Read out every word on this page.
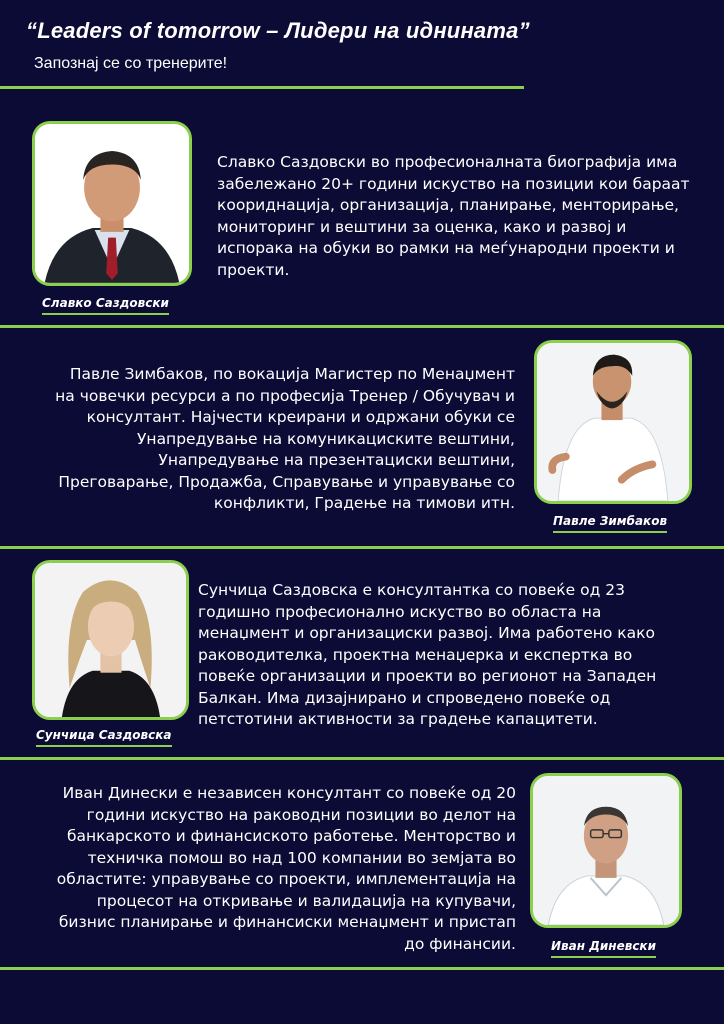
“Leaders of tomorrow – Лидери на иднината”
Запознај се со тренерите!
Славко Саздовски во професионалната биографија има
забележано 20+ години искуство на позиции кои бараат
коориднација, организација, планирање, менторирање,
мониторинг и вештини за оценка, како и развој и
испорака на обуки во рамки на меѓународни проекти и
проекти.
Славко Саздовски
Павле Зимбаков, по вокација Магистер по Менаџмент
на човечки ресурси а по професија Тренер / Обучувач и
консултант. Најчести креирани и одржани обуки се
Унапредување на комуникациските вештини,
Унапредување на презентациски вештини,
Преговарање, Продажба, Справување и управување со
конфликти, Градење на тимови итн.
Павле Зимбаков
Сунчица Саздовска е консултантка со повеќе од 23
годишно професионално искуство во областа на
менаџмент и организациски развој. Има работено како
раководителка, проектна менаџерка и експертка во
повеќе организации и проекти во регионот на Западен
Балкан. Има дизајнирано и спроведено повеќе од
петстотини активности за градење капацитети.
Сунчица Саздовска
Иван Динески е независен консултант со повеќе од 20
години искуство на раководни позиции во делот на
банкарското и финансиското работење. Менторство и
техничка помош во над 100 компании во земјата во
областите: управување со проекти, имплементација на
процесот на откривање и валидација на купувачи,
бизнис планирање и финансиски менаџмент и пристап
до финансии.	Иван Диневски
